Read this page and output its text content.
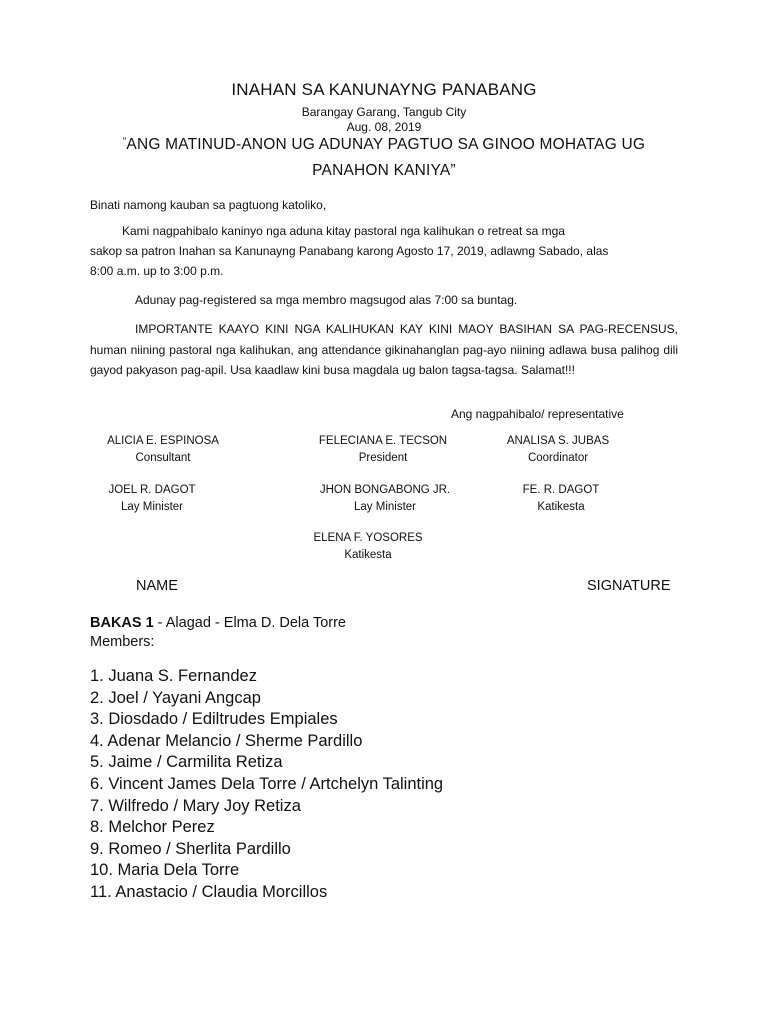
INAHAN SA KANUNAYNG PANABANG
Barangay Garang, Tangub City
Aug. 08, 2019
“ANG MATINUD-ANON UG ADUNAY PAGTUO SA GINOO MOHATAG UG
PANAHON KANIYA”
Binati namong kauban sa pagtuong katoliko,
Kami nagpahibalo kaninyo nga aduna kitay pastoral nga kalihukan o retreat sa mga
sakop sa patron Inahan sa Kanunayng Panabang karong Agosto 17, 2019, adlawng Sabado, alas
8:00 a.m. up to 3:00 p.m.
Adunay pag-registered sa mga membro magsugod alas 7:00 sa buntag.
IMPORTANTE KAAYO KINI NGA KALIHUKAN KAY KINI MAOY BASIHAN SA PAG-RECENSUS, human niining pastoral nga kalihukan, ang attendance gikinahanglan pag-ayo niining adlawa busa palihog dili gayod pakyason pag-apil. Usa kaadlaw kini busa magdala ug balon tagsa-tagsa. Salamat!!!
Ang nagpahibalo/ representative
ALICIA E. ESPINOSA
Consultant
FELECIANA E. TECSON
President
ANALISA S. JUBAS
Coordinator
JOEL R. DAGOT
Lay Minister
JHON BONGABONG JR.
Lay Minister
FE. R. DAGOT
Katikesta
ELENA F. YOSORES
Katikesta
NAME	SIGNATURE
BAKAS 1 - Alagad - Elma D. Dela Torre
Members:
1. Juana S. Fernandez
2. Joel / Yayani Angcap
3. Diosdado / Ediltrudes Empiales
4. Adenar Melancio / Sherme Pardillo
5. Jaime / Carmilita Retiza
6. Vincent James Dela Torre / Artchelyn Talinting
7. Wilfredo / Mary Joy Retiza
8. Melchor Perez
9. Romeo / Sherlita Pardillo
10. Maria Dela Torre
11. Anastacio / Claudia Morcillos
